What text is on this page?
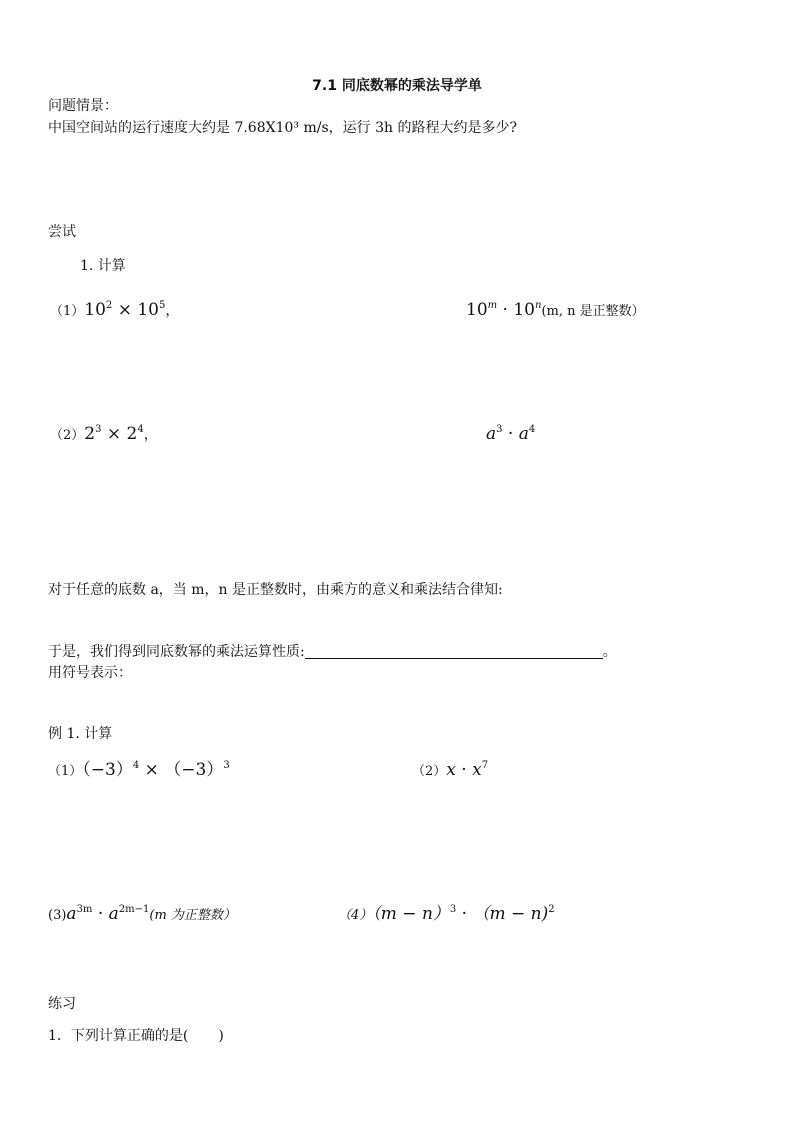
7.1 同底数幂的乘法导学单
问题情景：
中国空间站的运行速度大约是 7.68X10³ m/s，运行 3h 的路程大约是多少?
尝试
1. 计算
$(1)10^2 \times 10^5$，	$10^m \cdot 10^n(m$, n 是正整数）
$(2)2^3 \times 2^4$，	$a^3 \cdot a^4$
对于任意的底数 a，当 m，n 是正整数时，由乘方的意义和乘法结合律知:
于是，我们得到同底数幂的乘法运算性质:	。
用符号表示：
例 1. 计算
$(1)(-3)^4 \times (-3)^3$	$(2)x \cdot x^7$
$(3)a^{3m} \cdot a^{2m-1}(m$ 为正整数）	$(4)(m - n)^3 \cdot (m - n)^2$
练习
1．下列计算正确的是( )
